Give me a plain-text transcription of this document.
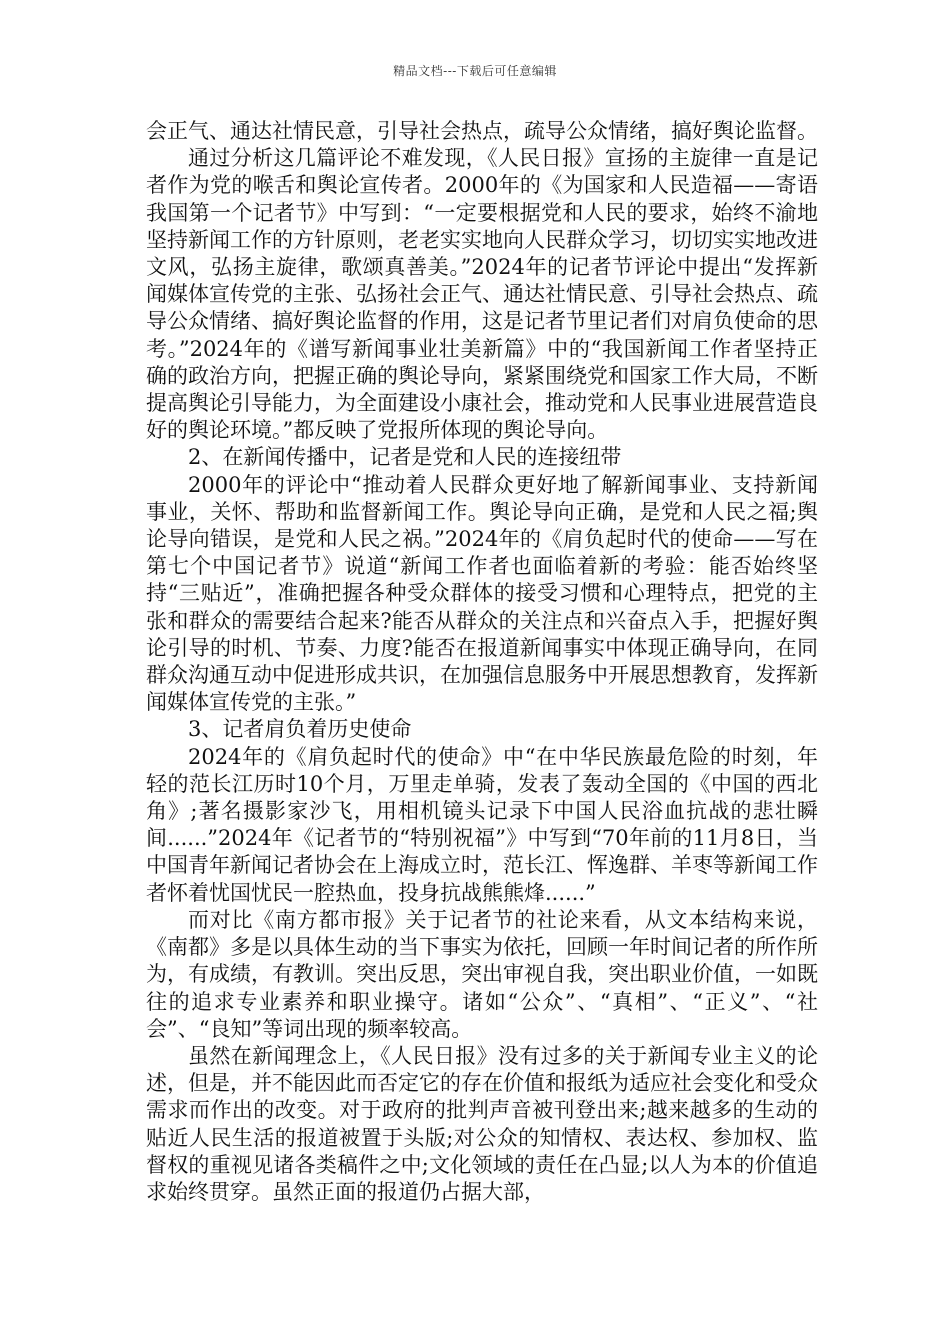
精品文档---下载后可任意编辑

会正气、通达社情民意，引导社会热点，疏导公众情绪，搞好舆论监督。

通过分析这几篇评论不难发现，《人民日报》宣扬的主旋律一直是记者作为党的喉舌和舆论宣传者。2000年的《为国家和人民造福——寄语我国第一个记者节》中写到：“一定要根据党和人民的要求，始终不渝地坚持新闻工作的方针原则，老老实实地向人民群众学习，切切实实地改进文风，弘扬主旋律，歌颂真善美。”2024年的记者节评论中提出“发挥新闻媒体宣传党的主张、弘扬社会正气、通达社情民意、引导社会热点、疏导公众情绪、搞好舆论监督的作用，这是记者节里记者们对肩负使命的思考。”2024年的《谱写新闻事业壮美新篇》中的“我国新闻工作者坚持正确的政治方向，把握正确的舆论导向，紧紧围绕党和国家工作大局，不断提高舆论引导能力，为全面建设小康社会，推动党和人民事业进展营造良好的舆论环境。”都反映了党报所体现的舆论导向。

2、在新闻传播中，记者是党和人民的连接纽带

2000年的评论中“推动着人民群众更好地了解新闻事业、支持新闻事业，关怀、帮助和监督新闻工作。舆论导向正确，是党和人民之福;舆论导向错误，是党和人民之祸。”2024年的《肩负起时代的使命——写在第七个中国记者节》说道“新闻工作者也面临着新的考验：能否始终坚持“三贴近”，准确把握各种受众群体的接受习惯和心理特点，把党的主张和群众的需要结合起来?能否从群众的关注点和兴奋点入手，把握好舆论引导的时机、节奏、力度?能否在报道新闻事实中体现正确导向，在同群众沟通互动中促进形成共识，在加强信息服务中开展思想教育，发挥新闻媒体宣传党的主张。”

3、记者肩负着历史使命

2024年的《肩负起时代的使命》中“在中华民族最危险的时刻，年轻的范长江历时10个月，万里走单骑，发表了轰动全国的《中国的西北角》;著名摄影家沙飞，用相机镜头记录下中国人民浴血抗战的悲壮瞬间......”2024年《记者节的“特别祝福”》中写到“70年前的11月8日，当中国青年新闻记者协会在上海成立时，范长江、恽逸群、羊枣等新闻工作者怀着忧国忧民一腔热血，投身抗战熊熊烽......”

而对比《南方都市报》关于记者节的社论来看，从文本结构来说，《南都》多是以具体生动的当下事实为依托，回顾一年时间记者的所作所为，有成绩，有教训。突出反思，突出审视自我，突出职业价值，一如既往的追求专业素养和职业操守。诸如“公众”、“真相”、“正义”、“社会”、“良知”等词出现的频率较高。

虽然在新闻理念上，《人民日报》没有过多的关于新闻专业主义的论述，但是，并不能因此而否定它的存在价值和报纸为适应社会变化和受众需求而作出的改变。对于政府的批判声音被刊登出来;越来越多的生动的贴近人民生活的报道被置于头版;对公众的知情权、表达权、参加权、监督权的重视见诸各类稿件之中;文化领域的责任在凸显;以人为本的价值追求始终贯穿。虽然正面的报道仍占据大部，
